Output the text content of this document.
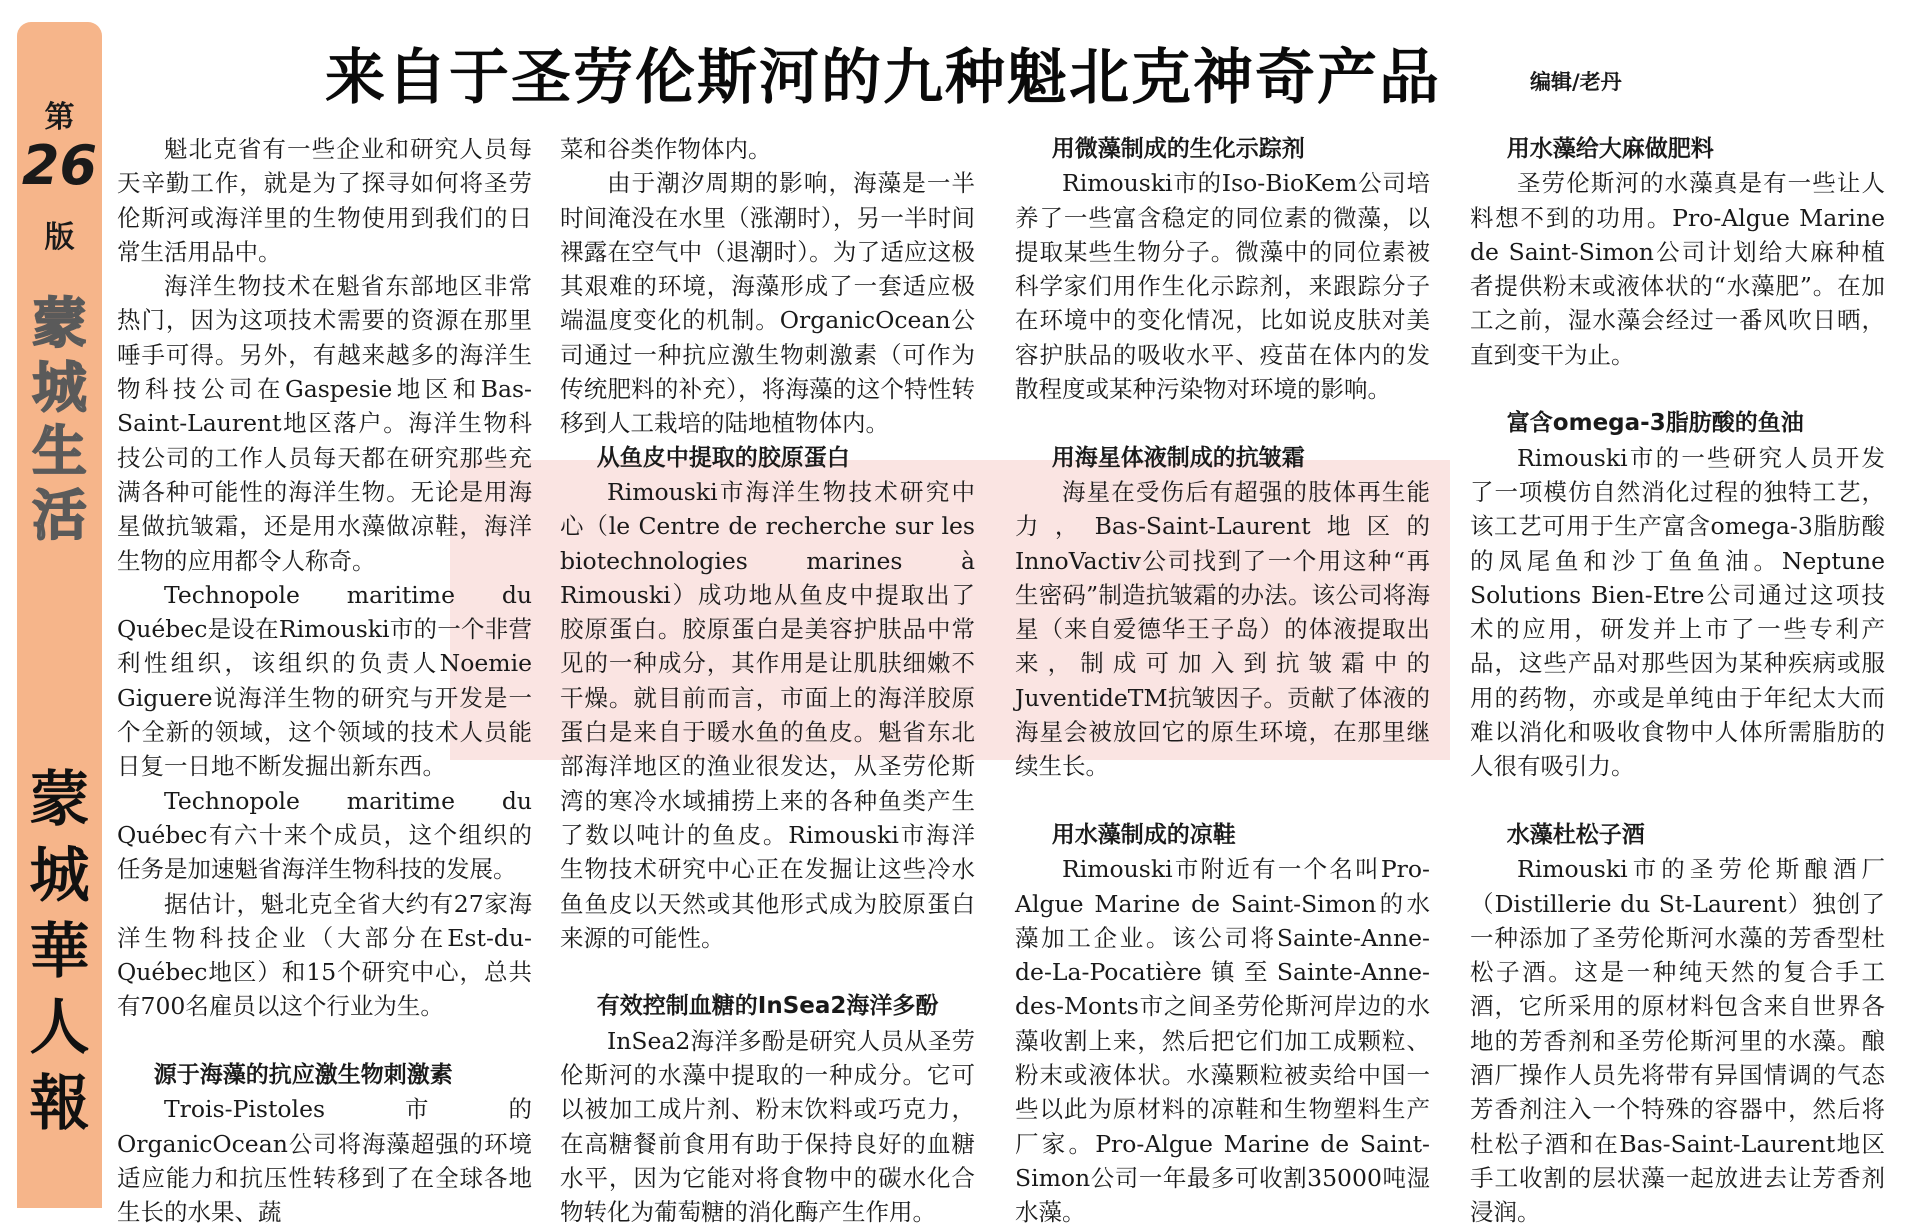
第
26
版
蒙
城
生
活
蒙
城
華
人
報
来自于圣劳伦斯河的九种魁北克神奇产品	编辑/老丹

魁北克省有一些企业和研究人员每天辛勤工作，就是为了探寻如何将圣劳伦斯河或海洋里的生物使用到我们的日常生活用品中。

海洋生物技术在魁省东部地区非常热门，因为这项技术需要的资源在那里唾手可得。另外，有越来越多的海洋生物科技公司在Gaspesie地区和Bas-Saint-Laurent地区落户。海洋生物科技公司的工作人员每天都在研究那些充满各种可能性的海洋生物。无论是用海星做抗皱霜，还是用水藻做凉鞋，海洋生物的应用都令人称奇。

Technopole maritime du Québec是设在Rimouski市的一个非营利性组织，该组织的负责人Noemie Giguere说海洋生物的研究与开发是一个全新的领域，这个领域的技术人员能日复一日地不断发掘出新东西。

Technopole maritime du Québec有六十来个成员，这个组织的任务是加速魁省海洋生物科技的发展。

据估计，魁北克全省大约有27家海洋生物科技企业（大部分在Est-du-Québec地区）和15个研究中心，总共有700名雇员以这个行业为生。

源于海藻的抗应激生物刺激素

Trois-Pistoles市的OrganicOcean公司将海藻超强的环境适应能力和抗压性转移到了在全球各地生长的水果、蔬

菜和谷类作物体内。

由于潮汐周期的影响，海藻是一半时间淹没在水里（涨潮时），另一半时间裸露在空气中（退潮时）。为了适应这极其艰难的环境，海藻形成了一套适应极端温度变化的机制。OrganicOcean公司通过一种抗应激生物刺激素（可作为传统肥料的补充），将海藻的这个特性转移到人工栽培的陆地植物体内。

从鱼皮中提取的胶原蛋白

Rimouski市海洋生物技术研究中心（le Centre de recherche sur les biotechnologies marines à Rimouski）成功地从鱼皮中提取出了胶原蛋白。胶原蛋白是美容护肤品中常见的一种成分，其作用是让肌肤细嫩不干燥。就目前而言，市面上的海洋胶原蛋白是来自于暖水鱼的鱼皮。魁省东北部海洋地区的渔业很发达，从圣劳伦斯湾的寒冷水域捕捞上来的各种鱼类产生了数以吨计的鱼皮。Rimouski市海洋生物技术研究中心正在发掘让这些冷水鱼鱼皮以天然或其他形式成为胶原蛋白来源的可能性。

有效控制血糖的InSea2海洋多酚

InSea2海洋多酚是研究人员从圣劳伦斯河的水藻中提取的一种成分。它可以被加工成片剂、粉末饮料或巧克力，在高糖餐前食用有助于保持良好的血糖水平，因为它能对将食物中的碳水化合物转化为葡萄糖的消化酶产生作用。

用微藻制成的生化示踪剂

Rimouski市的Iso-BioKem公司培养了一些富含稳定的同位素的微藻，以提取某些生物分子。微藻中的同位素被科学家们用作生化示踪剂，来跟踪分子在环境中的变化情况，比如说皮肤对美容护肤品的吸收水平、疫苗在体内的发散程度或某种污染物对环境的影响。

用海星体液制成的抗皱霜

海星在受伤后有超强的肢体再生能力，Bas-Saint-Laurent地区的InnoVactiv公司找到了一个用这种“再生密码”制造抗皱霜的办法。该公司将海星（来自爱德华王子岛）的体液提取出来，制成可加入到抗皱霜中的JuventideTM抗皱因子。贡献了体液的海星会被放回它的原生环境，在那里继续生长。

用水藻制成的凉鞋

Rimouski市附近有一个名叫Pro-Algue Marine de Saint-Simon的水藻加工企业。该公司将Sainte-Anne-de-La-Pocatière镇至Sainte-Anne-des-Monts市之间圣劳伦斯河岸边的水藻收割上来，然后把它们加工成颗粒、粉末或液体状。水藻颗粒被卖给中国一些以此为原材料的凉鞋和生物塑料生产厂家。Pro-Algue Marine de Saint-Simon公司一年最多可收割35000吨湿水藻。

用水藻给大麻做肥料

圣劳伦斯河的水藻真是有一些让人料想不到的功用。Pro-Algue Marine de Saint-Simon公司计划给大麻种植者提供粉末或液体状的“水藻肥”。在加工之前，湿水藻会经过一番风吹日晒，直到变干为止。

富含omega-3脂肪酸的鱼油

Rimouski市的一些研究人员开发了一项模仿自然消化过程的独特工艺，该工艺可用于生产富含omega-3脂肪酸的凤尾鱼和沙丁鱼鱼油。Neptune Solutions Bien-Etre公司通过这项技术的应用，研发并上市了一些专利产品，这些产品对那些因为某种疾病或服用的药物，亦或是单纯由于年纪太大而难以消化和吸收食物中人体所需脂肪的人很有吸引力。

水藻杜松子酒

Rimouski市的圣劳伦斯酿酒厂（Distillerie du St-Laurent）独创了一种添加了圣劳伦斯河水藻的芳香型杜松子酒。这是一种纯天然的复合手工酒，它所采用的原材料包含来自世界各地的芳香剂和圣劳伦斯河里的水藻。酿酒厂操作人员先将带有异国情调的气态芳香剂注入一个特殊的容器中，然后将杜松子酒和在Bas-Saint-Laurent地区手工收割的层状藻一起放进去让芳香剂浸润。
